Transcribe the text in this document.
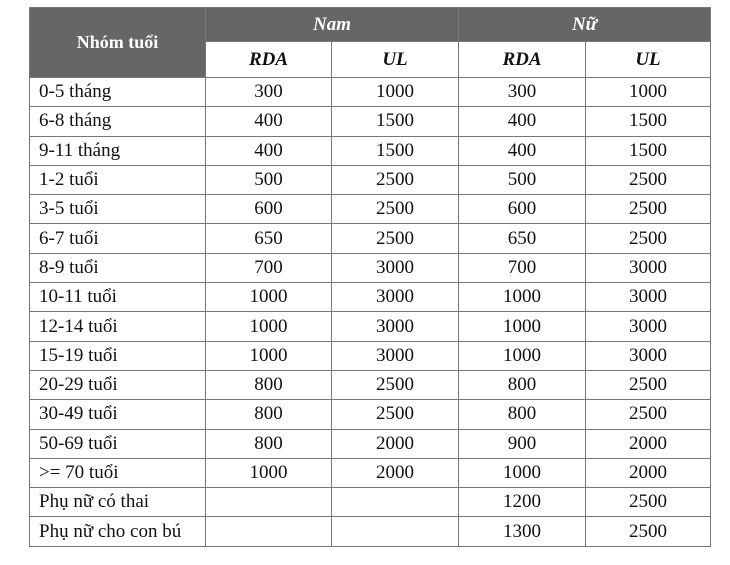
Nhóm tuổi	Nam		Nữ	
	RDA	UL	RDA	UL
0-5 tháng	300	1000	300	1000
6-8 tháng	400	1500	400	1500
9-11 tháng	400	1500	400	1500
1-2 tuổi	500	2500	500	2500
3-5 tuổi	600	2500	600	2500
6-7 tuổi	650	2500	650	2500
8-9 tuổi	700	3000	700	3000
10-11 tuổi	1000	3000	1000	3000
12-14 tuổi	1000	3000	1000	3000
15-19 tuổi	1000	3000	1000	3000
20-29 tuổi	800	2500	800	2500
30-49 tuổi	800	2500	800	2500
50-69 tuổi	800	2000	900	2000
>= 70 tuổi	1000	2000	1000	2000
Phụ nữ có thai			1200	2500
Phụ nữ cho con bú			1300	2500
